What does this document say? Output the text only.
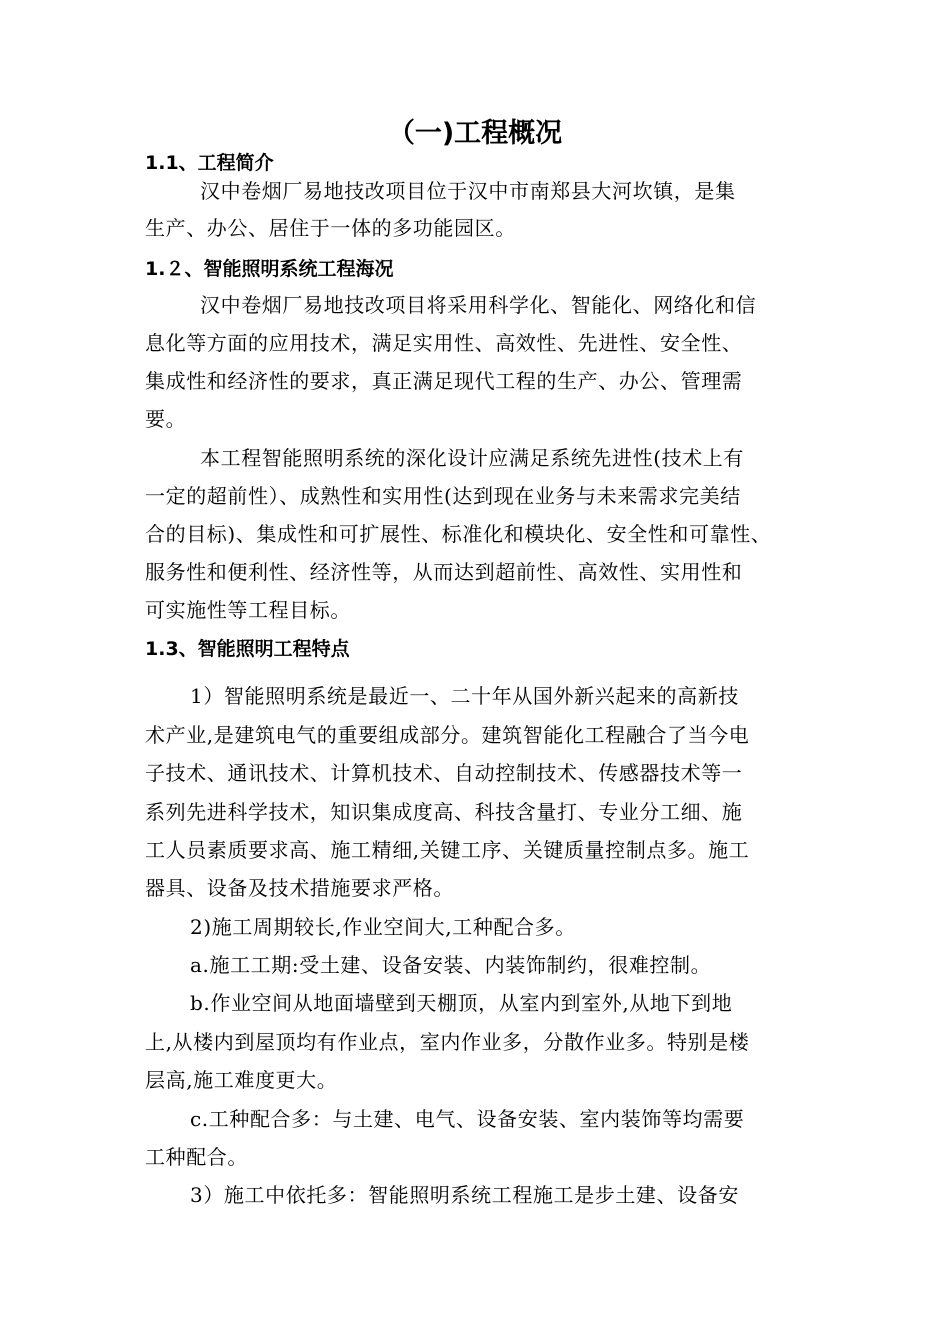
（一)工程概况
1.1、工程简介
汉中卷烟厂易地技改项目位于汉中市南郑县大河坎镇，是集
生产、办公、居住于一体的多功能园区。
1.２、智能照明系统工程海况
汉中卷烟厂易地技改项目将采用科学化、智能化、网络化和信
息化等方面的应用技术，满足实用性、高效性、先进性、安全性、
集成性和经济性的要求，真正满足现代工程的生产、办公、管理需
要。
本工程智能照明系统的深化设计应满足系统先进性(技术上有
一定的超前性）、成熟性和实用性(达到现在业务与未来需求完美结
合的目标)、集成性和可扩展性、标准化和模块化、安全性和可靠性、
服务性和便利性、经济性等，从而达到超前性、高效性、实用性和
可实施性等工程目标。
1.3、智能照明工程特点
1）智能照明系统是最近一、二十年从国外新兴起来的高新技
术产业,是建筑电气的重要组成部分。建筑智能化工程融合了当今电
子技术、通讯技术、计算机技术、自动控制技术、传感器技术等一
系列先进科学技术，知识集成度高、科技含量打、专业分工细、施
工人员素质要求高、施工精细,关键工序、关键质量控制点多。施工
器具、设备及技术措施要求严格。
2)施工周期较长,作业空间大,工种配合多。
a.施工工期:受土建、设备安装、内装饰制约，很难控制。
b.作业空间从地面墙壁到天棚顶，从室内到室外,从地下到地
上,从楼内到屋顶均有作业点，室内作业多，分散作业多。特别是楼
层高,施工难度更大。
c.工种配合多：与土建、电气、设备安装、室内装饰等均需要
工种配合。
3）施工中依托多：智能照明系统工程施工是步土建、设备安
